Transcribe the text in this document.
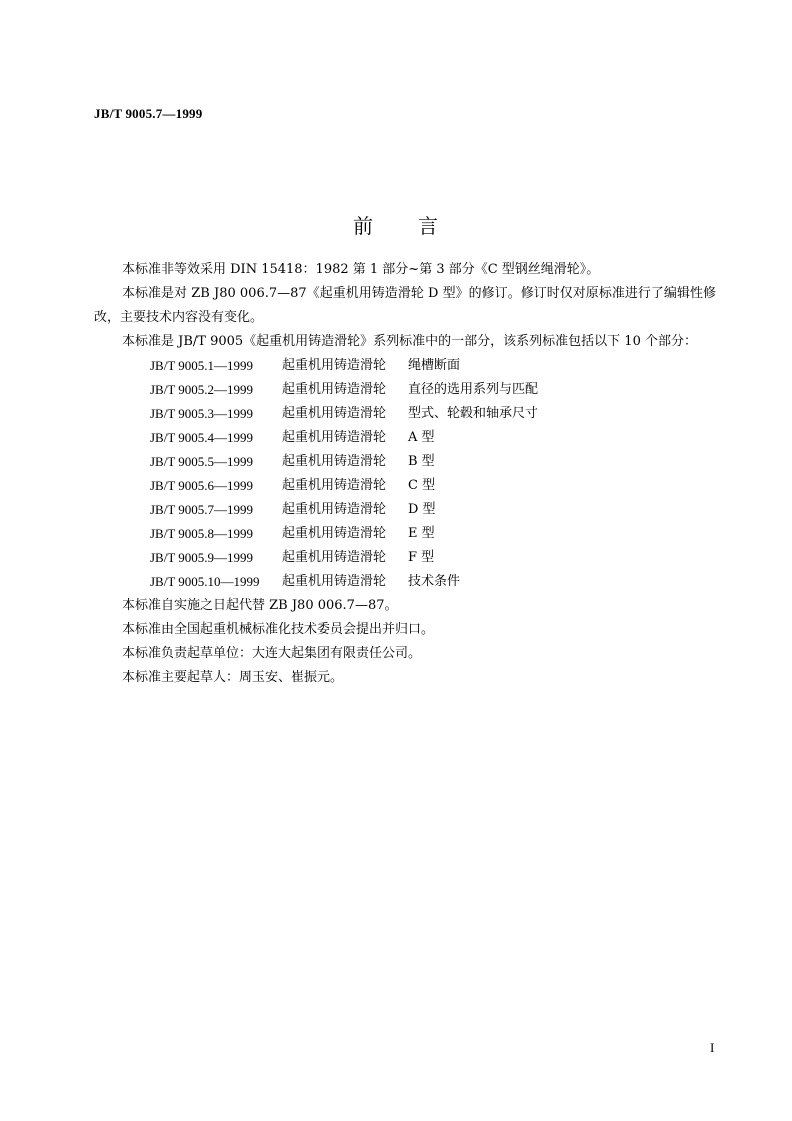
JB/T 9005.7—1999
前 言

本标准非等效采用 DIN 15418：1982 第 1 部分~第 3 部分《C 型钢丝绳滑轮》。

本标准是对 ZB J80 006.7—87《起重机用铸造滑轮 D 型》的修订。修订时仅对原标准进行了编辑性修改，主要技术内容没有变化。

本标准是 JB/T 9005《起重机用铸造滑轮》系列标准中的一部分，该系列标准包括以下 10 个部分：

JB/T 9005.1—1999	起重机用铸造滑轮	绳槽断面
JB/T 9005.2—1999	起重机用铸造滑轮	直径的选用系列与匹配
JB/T 9005.3—1999	起重机用铸造滑轮	型式、轮毂和轴承尺寸
JB/T 9005.4—1999	起重机用铸造滑轮	A 型
JB/T 9005.5—1999	起重机用铸造滑轮	B 型
JB/T 9005.6—1999	起重机用铸造滑轮	C 型
JB/T 9005.7—1999	起重机用铸造滑轮	D 型
JB/T 9005.8—1999	起重机用铸造滑轮	E 型
JB/T 9005.9—1999	起重机用铸造滑轮	F 型
JB/T 9005.10—1999	起重机用铸造滑轮	技术条件

本标准自实施之日起代替 ZB J80 006.7—87。

本标准由全国起重机械标准化技术委员会提出并归口。

本标准负责起草单位：大连大起集团有限责任公司。

本标准主要起草人：周玉安、崔振元。

I
